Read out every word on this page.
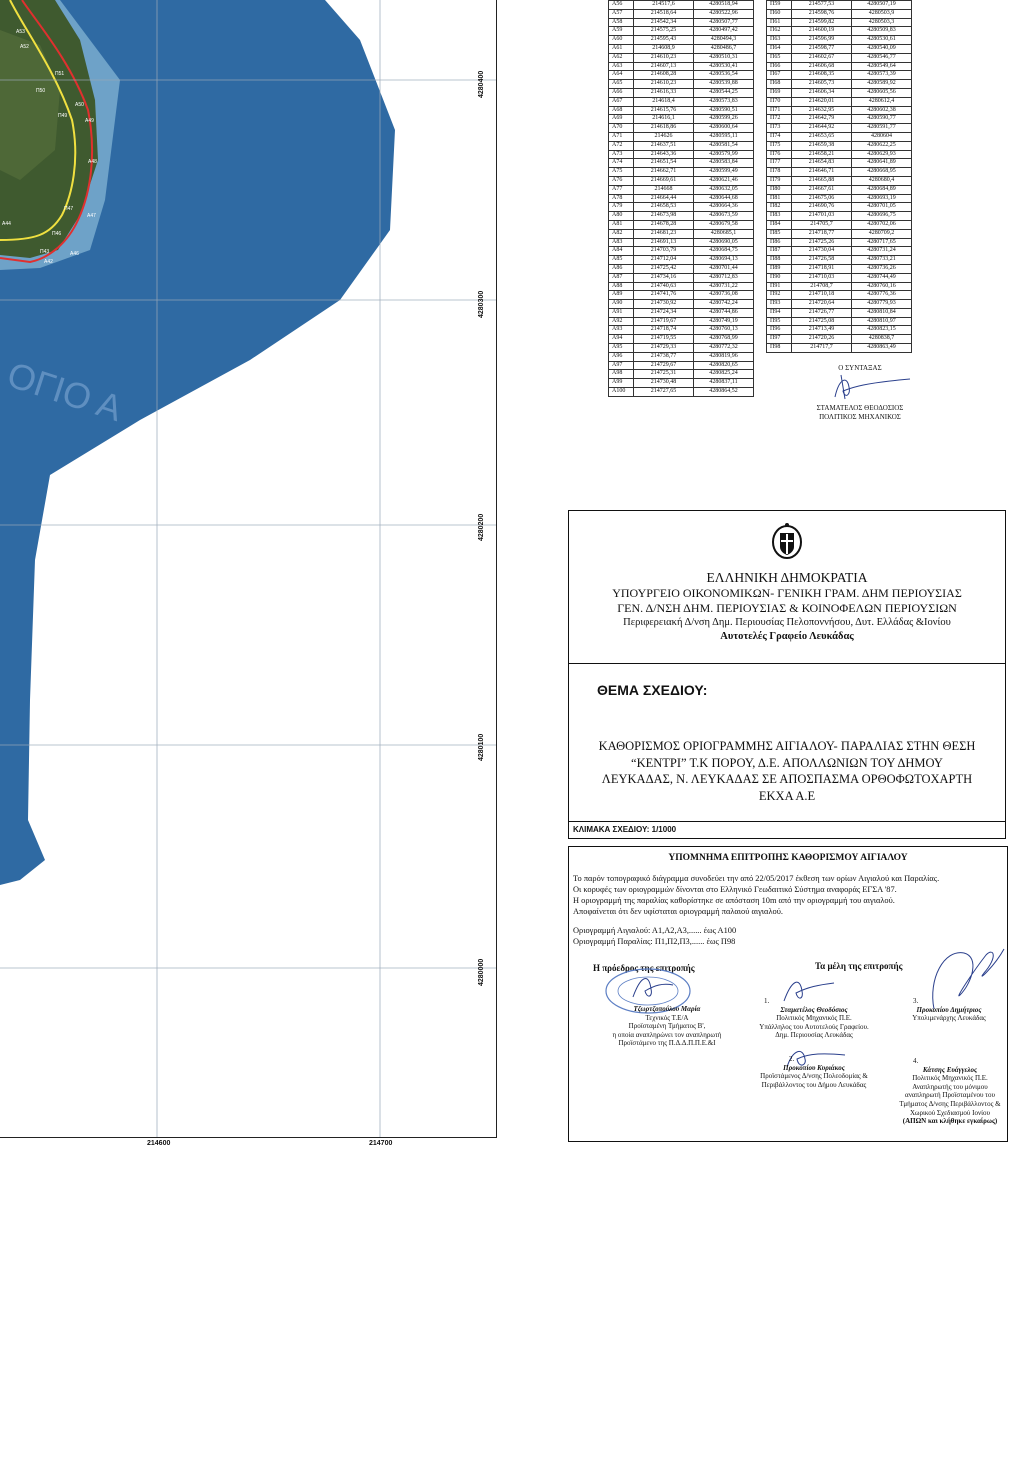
Α53
Α52
Π51
Π50
Α50
Α49
Π49
Α48
Α47
Π47
Π46
Α46
Α44
Α42
Π43
ΟΓΙΟ Α
214600	214700
4280400
4280300
4280200
4280100
4280000
Α56	214517,6	4280518,94
Α57	214518,64	4280522,96
Α58	214542,34	4280507,77
Α59	214575,25	4280497,42
Α60	214595,43	4280494,3
Α61	214608,9	4280486,7
Α62	214610,23	4280510,31
Α63	214607,13	4280530,41
Α64	214608,28	4280536,54
Α65	214610,23	4280539,88
Α66	214616,33	4280544,25
Α67	214618,4	4280573,83
Α68	214615,76	4280590,51
Α69	214616,1	4280599,26
Α70	214618,86	4280600,64
Α71	214626	4280595,11
Α72	214637,51	4280581,54
Α73	214643,36	4280579,99
Α74	214651,54	4280583,84
Α75	214662,71	4280599,49
Α76	214669,61	4280621,46
Α77	214668	4280632,05
Α78	214664,44	4280644,68
Α79	214658,53	4280664,36
Α80	214673,98	4280673,59
Α81	214678,28	4280679,58
Α82	214681,23	4280685,1
Α83	214691,13	4280690,05
Α84	214703,79	4280684,75
Α85	214712,04	4280694,13
Α86	214725,42	4280701,44
Α87	214734,16	4280712,83
Α88	214740,63	4280731,22
Α89	214741,76	4280736,08
Α90	214730,92	4280742,24
Α91	214724,34	4280744,86
Α92	214719,67	4280749,19
Α93	214718,74	4280760,13
Α94	214719,55	4280768,99
Α95	214729,33	4280772,32
Α96	214738,77	4280819,96
Α97	214729,67	4280820,65
Α98	214725,31	4280825,24
Α99	214730,48	4280837,11
Α100	214727,65	4280864,52
Π59	214577,53	4280507,19
Π60	214598,76	4280503,9
Π61	214599,82	4280503,3
Π62	214600,19	4280509,83
Π63	214596,99	4280530,61
Π64	214598,77	4280540,09
Π65	214602,67	4280546,77
Π66	214606,68	4280549,64
Π67	214608,35	4280573,39
Π68	214605,73	4280589,92
Π69	214606,34	4280605,56
Π70	214620,01	4280612,4
Π71	214632,95	4280602,38
Π72	214642,79	4280590,77
Π73	214644,92	4280591,77
Π74	214653,65	4280604
Π75	214659,38	4280622,25
Π76	214658,21	4280629,93
Π77	214654,83	4280641,89
Π78	214646,71	4280668,95
Π79	214665,88	4280680,4
Π80	214667,61	4280684,89
Π81	214675,06	4280693,19
Π82	214690,76	4280701,05
Π83	214701,03	4280696,75
Π84	214705,7	4280702,06
Π85	214718,77	4280709,2
Π86	214725,26	4280717,65
Π87	214730,04	4280731,24
Π88	214726,58	4280733,21
Π89	214718,91	4280736,26
Π90	214710,03	4280744,49
Π91	214708,7	4280760,16
Π92	214710,18	4280776,36
Π93	214720,64	4280779,93
Π94	214726,77	4280810,84
Π95	214725,08	4280810,97
Π96	214713,49	4280823,15
Π97	214720,26	4280838,7
Π98	214717,7	4280863,49
Ο ΣΥΝΤΑΞΑΣ
ΣΤΑΜΑΤΕΛΟΣ ΘΕΟΔΟΣΙΟΣ
ΠΟΛΙΤΙΚΟΣ ΜΗΧΑΝΙΚΟΣ
ΕΛΛΗΝΙΚΗ ΔΗΜΟΚΡΑΤΙΑ
ΥΠΟΥΡΓΕΙΟ ΟΙΚΟΝΟΜΙΚΩΝ- ΓΕΝΙΚΗ ΓΡΑΜ. ΔΗΜ ΠΕΡΙΟΥΣΙΑΣ
ΓΕΝ. Δ/ΝΣΗ ΔΗΜ. ΠΕΡΙΟΥΣΙΑΣ & ΚΟΙΝΟΦΕΛΩΝ ΠΕΡΙΟΥΣΙΩΝ
Περιφερειακή Δ/νση Δημ. Περιουσίας Πελοποννήσου, Δυτ. Ελλάδας &Ιονίου
Αυτοτελές Γραφείο Λευκάδας
ΘΕΜΑ ΣΧΕΔΙΟΥ:
ΚΑΘΟΡΙΣΜΟΣ ΟΡΙΟΓΡΑΜΜΗΣ ΑΙΓΙΑΛΟΥ- ΠΑΡΑΛΙΑΣ ΣΤΗΝ ΘΕΣΗ
“ΚΕΝΤΡΙ” Τ.Κ ΠΟΡΟΥ, Δ.Ε. ΑΠΟΛΛΩΝΙΩΝ ΤΟΥ ΔΗΜΟΥ
ΛΕΥΚΑΔΑΣ, Ν. ΛΕΥΚΑΔΑΣ ΣΕ ΑΠΟΣΠΑΣΜΑ ΟΡΘΟΦΩΤΟΧΑΡΤΗ
ΕΚΧΑ Α.Ε
ΚΛΙΜΑΚΑ ΣΧΕΔΙΟΥ: 1/1000
ΥΠΟΜΝΗΜΑ ΕΠΙΤΡΟΠΗΣ ΚΑΘΟΡΙΣΜΟΥ ΑΙΓΙΑΛΟΥ
Το παρόν τοπογραφικό διάγραμμα συνοδεύει την από 22/05/2017 έκθεση των ορίων Αιγιαλού και Παραλίας.
Οι κορυφές των οριογραμμών δίνονται στο Ελληνικό Γεωδαιτικό Σύστημα αναφοράς ΕΓΣΑ '87.
Η οριογραμμή της παραλίας καθορίστηκε σε απόσταση 10m από την οριογραμμή του αιγιαλού.
Αποφαίνεται ότι δεν υφίσταται οριογραμμή παλαιού αιγιαλού.
Οριογραμμή Αιγιαλού: Α1,Α2,Α3,...... έως Α100
Οριογραμμή Παραλίας: Π1,Π2,Π3,...... έως Π98
Η πρόεδρος της επιτροπής	Τα μέλη της επιτροπής
Τζωρτζοπούλου Μαρία
Τεχνικός Τ.Ε/Α
Προϊσταμένη Τμήματος Β',
η οποία αναπληρώνει τον αναπληρωτή
Προϊστάμενο της Π.Δ.Δ.Π.Π.Ε.&Ι
1.
Σταματέλος Θεοδόσιος
Πολιτικός Μηχανικός Π.Ε.
Υπάλληλος του Αυτοτελούς Γραφείου.
Δημ. Περιουσίας Λευκάδας
3.
Προκοπίου Δημήτριος
Υπολιμενάρχης Λευκάδας
2.
Προκοπίου Κυριάκος
Προϊστάμενος Δ/νσης Πολεοδομίας &
Περιβάλλοντος του Δήμου Λευκάδας
4.
Κάτσης Ευάγγελος
Πολιτικός Μηχανικός Π.Ε.
Αναπληρωτής του μόνιμου
αναπληρωτή Προϊσταμένου του
Τμήματος Δ/νσης Περιβάλλοντος &
Χωρικού Σχεδιασμού Ιονίου
(ΑΠΩΝ και κλήθηκε εγκαίρως)
